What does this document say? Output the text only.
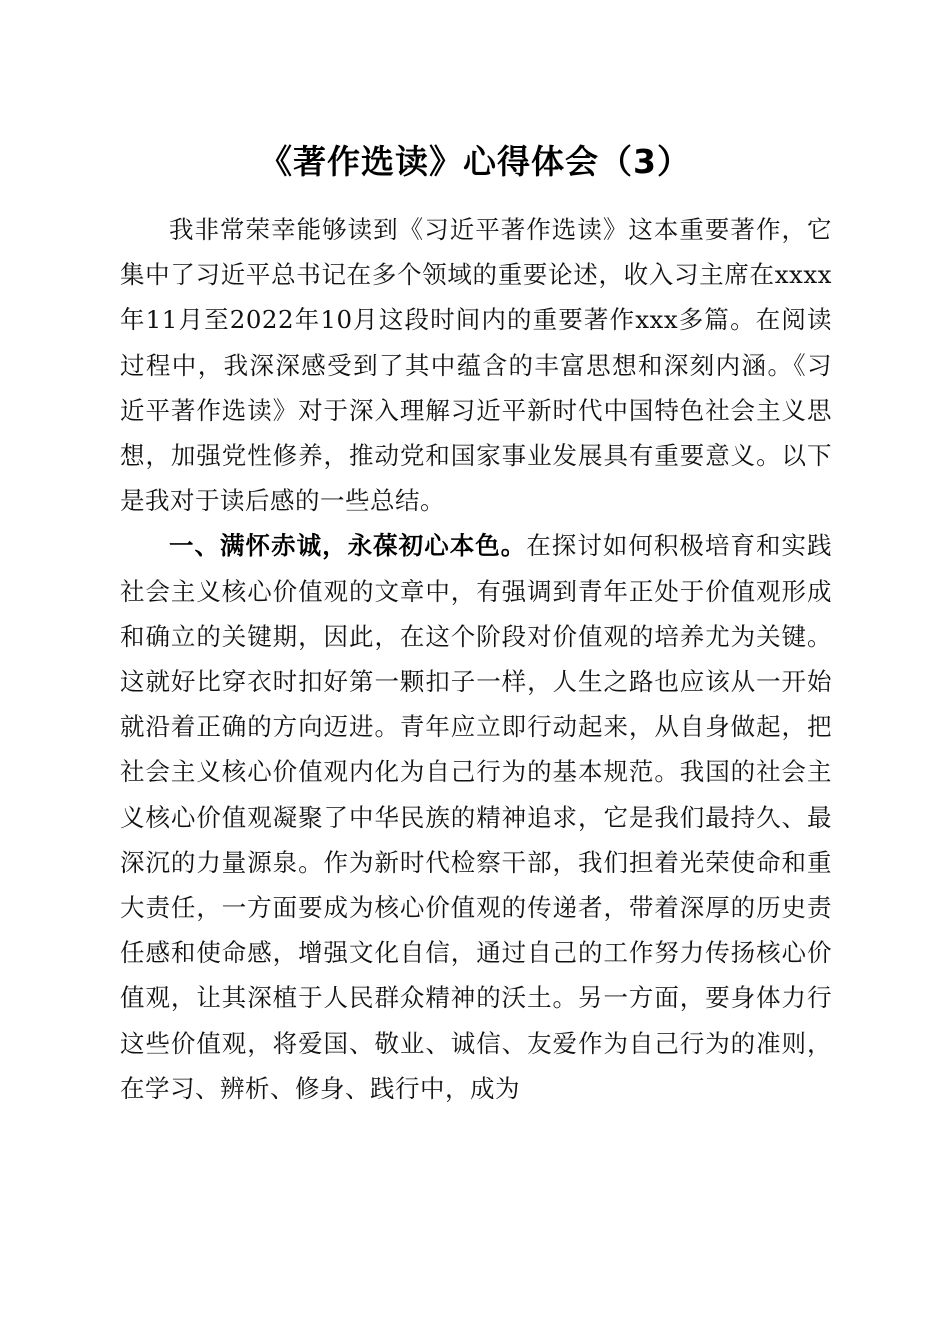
《著作选读》心得体会（3）

我非常荣幸能够读到《习近平著作选读》这本重要著作，它集中了习近平总书记在多个领域的重要论述，收入习主席在xxxx年11月至2022年10月这段时间内的重要著作xxx多篇。在阅读过程中，我深深感受到了其中蕴含的丰富思想和深刻内涵。《习近平著作选读》对于深入理解习近平新时代中国特色社会主义思想，加强党性修养，推动党和国家事业发展具有重要意义。以下是我对于读后感的一些总结。

一、满怀赤诚，永葆初心本色。在探讨如何积极培育和实践社会主义核心价值观的文章中，有强调到青年正处于价值观形成和确立的关键期，因此，在这个阶段对价值观的培养尤为关键。这就好比穿衣时扣好第一颗扣子一样，人生之路也应该从一开始就沿着正确的方向迈进。青年应立即行动起来，从自身做起，把社会主义核心价值观内化为自己行为的基本规范。我国的社会主义核心价值观凝聚了中华民族的精神追求，它是我们最持久、最深沉的力量源泉。作为新时代检察干部，我们担着光荣使命和重大责任，一方面要成为核心价值观的传递者，带着深厚的历史责任感和使命感，增强文化自信，通过自己的工作努力传扬核心价值观，让其深植于人民群众精神的沃土。另一方面，要身体力行这些价值观，将爱国、敬业、诚信、友爱作为自己行为的准则，在学习、辨析、修身、践行中，成为
